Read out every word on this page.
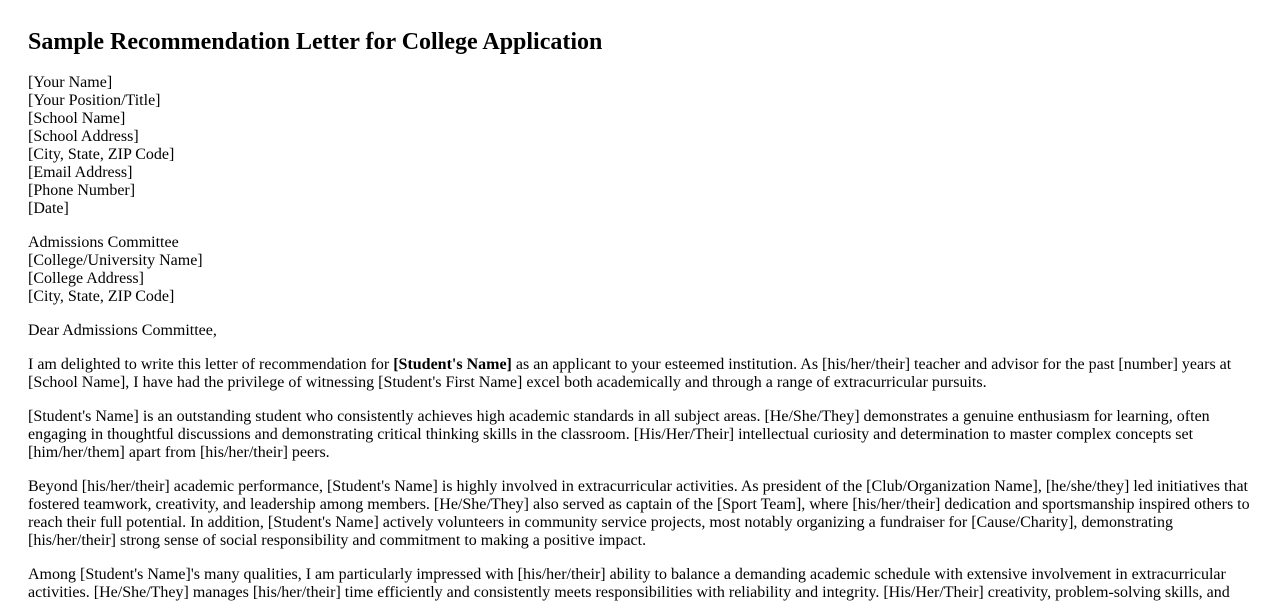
Sample Recommendation Letter for College Application

[Your Name]
[Your Position/Title]
[School Name]
[School Address]
[City, State, ZIP Code]
[Email Address]
[Phone Number]
[Date]

Admissions Committee
[College/University Name]
[College Address]
[City, State, ZIP Code]

Dear Admissions Committee,

I am delighted to write this letter of recommendation for [Student's Name] as an applicant to your esteemed institution. As [his/her/their] teacher and advisor for the past [number] years at [School Name], I have had the privilege of witnessing [Student's First Name] excel both academically and through a range of extracurricular pursuits.

[Student's Name] is an outstanding student who consistently achieves high academic standards in all subject areas. [He/She/They] demonstrates a genuine enthusiasm for learning, often engaging in thoughtful discussions and demonstrating critical thinking skills in the classroom. [His/Her/Their] intellectual curiosity and determination to master complex concepts set [him/her/them] apart from [his/her/their] peers.

Beyond [his/her/their] academic performance, [Student's Name] is highly involved in extracurricular activities. As president of the [Club/Organization Name], [he/she/they] led initiatives that fostered teamwork, creativity, and leadership among members. [He/She/They] also served as captain of the [Sport Team], where [his/her/their] dedication and sportsmanship inspired others to reach their full potential. In addition, [Student's Name] actively volunteers in community service projects, most notably organizing a fundraiser for [Cause/Charity], demonstrating [his/her/their] strong sense of social responsibility and commitment to making a positive impact.

Among [Student's Name]'s many qualities, I am particularly impressed with [his/her/their] ability to balance a demanding academic schedule with extensive involvement in extracurricular activities. [He/She/They] manages [his/her/their] time efficiently and consistently meets responsibilities with reliability and integrity. [His/Her/Their] creativity, problem-solving skills, and
